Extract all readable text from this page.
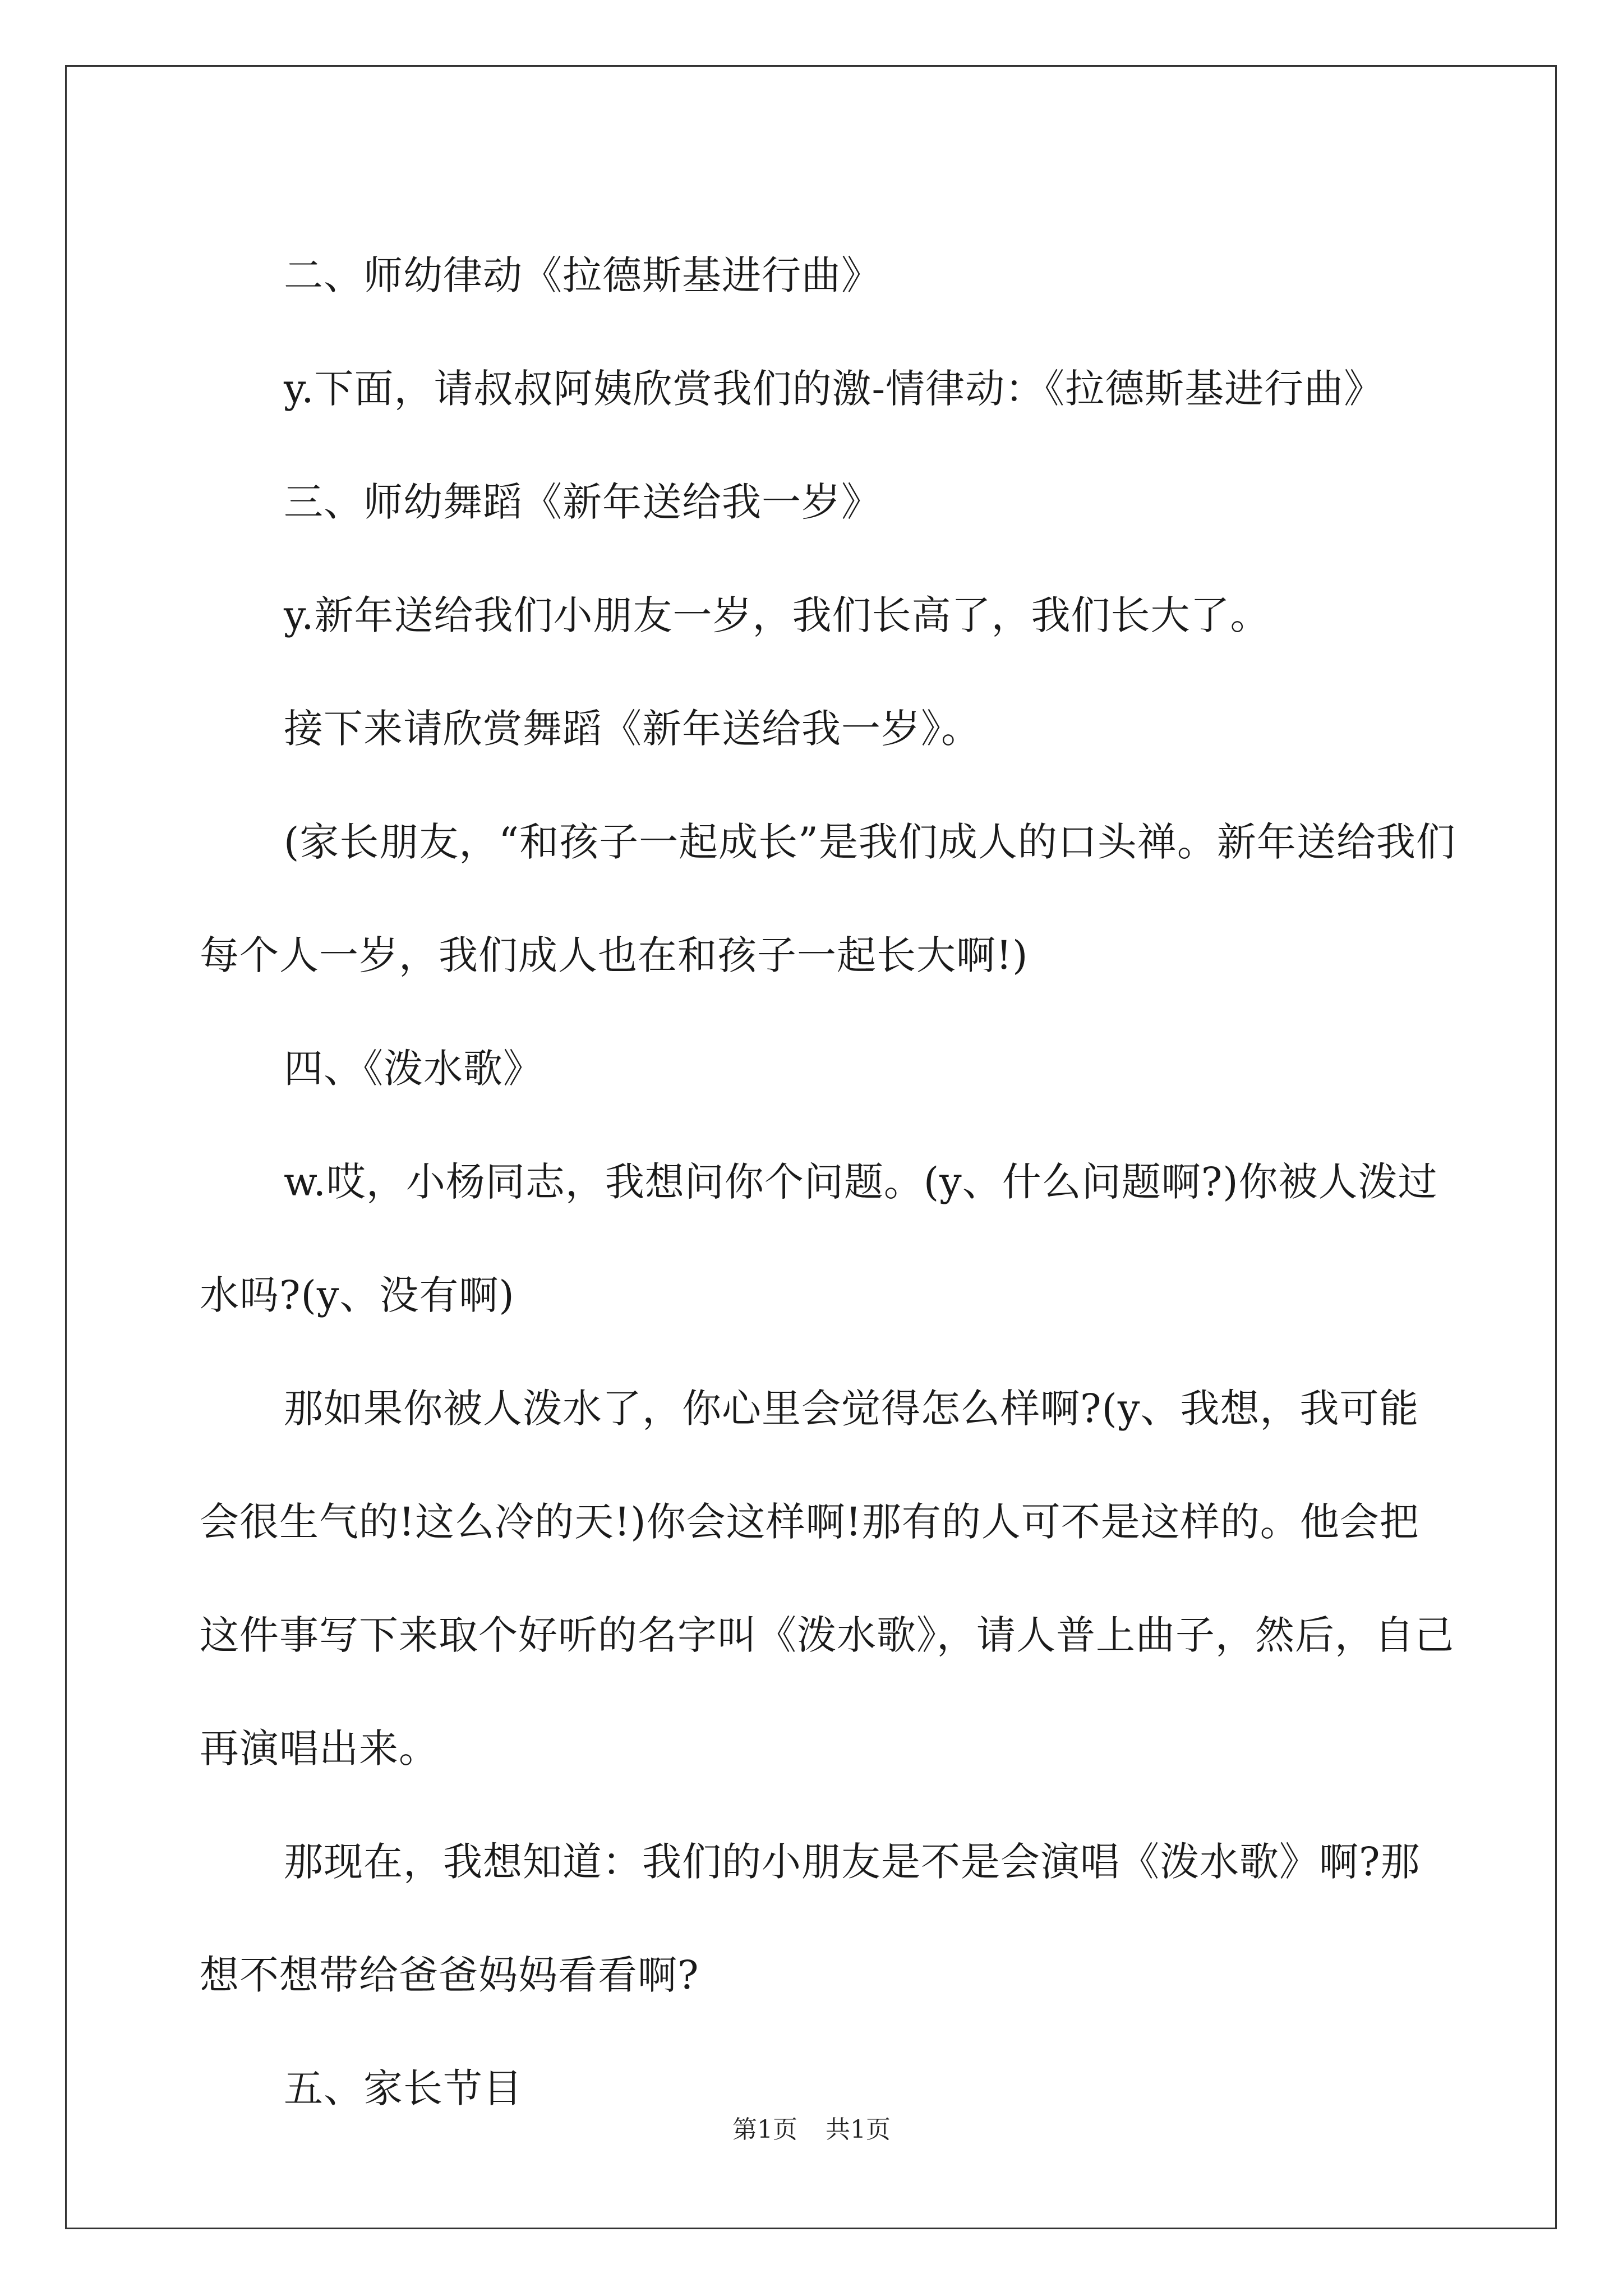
二、师幼律动《拉德斯基进行曲》

y.下面，请叔叔阿姨欣赏我们的激-情律动：《拉德斯基进行曲》

三、师幼舞蹈《新年送给我一岁》

y.新年送给我们小朋友一岁，我们长高了，我们长大了。

接下来请欣赏舞蹈《新年送给我一岁》。

(家长朋友，“和孩子一起成长”是我们成人的口头禅。新年送给我们每个人一岁，我们成人也在和孩子一起长大啊!)

四、《泼水歌》

w.哎，小杨同志，我想问你个问题。(y、什么问题啊?)你被人泼过水吗?(y、没有啊)

那如果你被人泼水了，你心里会觉得怎么样啊?(y、我想，我可能会很生气的!这么冷的天!)你会这样啊!那有的人可不是这样的。他会把这件事写下来取个好听的名字叫《泼水歌》，请人普上曲子，然后，自己再演唱出来。

那现在，我想知道：我们的小朋友是不是会演唱《泼水歌》啊?那想不想带给爸爸妈妈看看啊?

五、家长节目

第1页 共1页
